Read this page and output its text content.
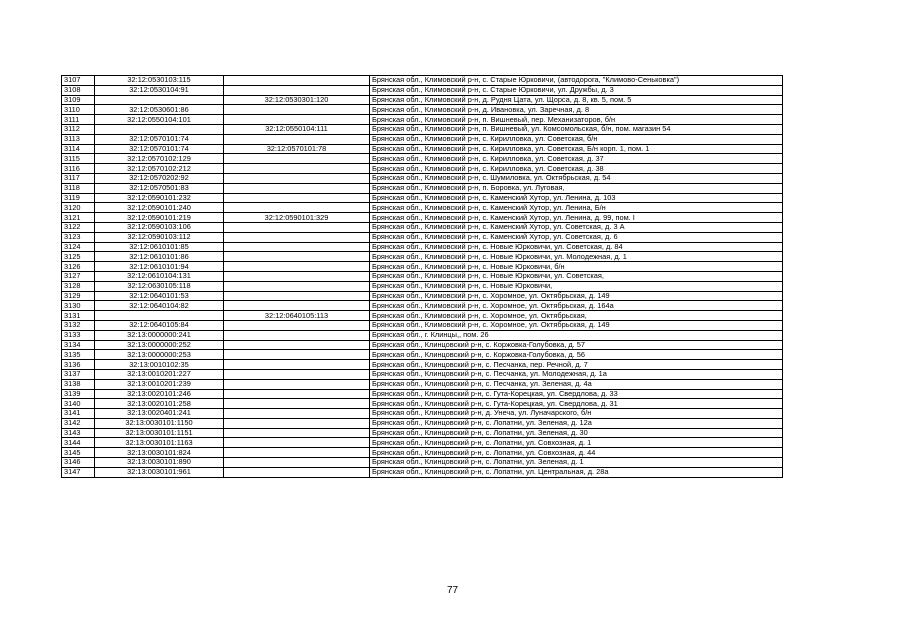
3107	32:12:0530103:115		Брянская обл., Климовский р-н, с. Старые Юрковичи, (автодорога, "Климово-Сеньковка")
3108	32:12:0530104:91		Брянская обл., Климовский р-н, с. Старые Юрковичи, ул. Дружбы, д. 3
3109		32:12:0530301:120	Брянская обл., Климовский р-н, д. Рудня Цата, ул. Щорса, д. 8, кв. 5, пом. 5
3110	32:12:0530601:86		Брянская обл., Климовский р-н, д. Ивановка, ул. Заречная, д. 8
3111	32:12:0550104:101		Брянская обл., Климовский р-н, п. Вишневый, пер. Механизаторов, б/н
3112		32:12:0550104:111	Брянская обл., Климовский р-н, п. Вишневый, ул. Комсомольская, б/н, пом. магазин 54
3113	32:12:0570101:74		Брянская обл., Климовский р-н, с. Кирилловка, ул. Советская, б/н
3114	32:12:0570101:74	32:12:0570101:78	Брянская обл., Климовский р-н, с. Кирилловка, ул. Советская, Б/н корп. 1, пом. 1
3115	32:12:0570102:129		Брянская обл., Климовский р-н, с. Кирилловка, ул. Советская, д. 37
3116	32:12:0570102:212		Брянская обл., Климовский р-н, с. Кирилловка, ул. Советская, д. 38
3117	32:12:0570202:92		Брянская обл., Климовский р-н, с. Шумиловка, ул. Октябрьская, д. 54
3118	32:12:0570501:83		Брянская обл., Климовский р-н, п. Боровка, ул. Луговая,
3119	32:12:0590101:232		Брянская обл., Климовский р-н, с. Каменский Хутор, ул. Ленина, д. 103
3120	32:12:0590101:240		Брянская обл., Климовский р-н, с. Каменский Хутор, ул. Ленина, Б/н
3121	32:12:0590101:219	32:12:0590101:329	Брянская обл., Климовский р-н, с. Каменский Хутор, ул. Ленина, д. 99, пом. I
3122	32:12:0590103:106		Брянская обл., Климовский р-н, с. Каменский Хутор, ул. Советская, д. 3 А
3123	32:12:0590103:112		Брянская обл., Климовский р-н, с. Каменский Хутор, ул. Советская, д. 6
3124	32:12:0610101:85		Брянская обл., Климовский р-н, с. Новые Юрковичи, ул. Советская, д. 84
3125	32:12:0610101:86		Брянская обл., Климовский р-н, с. Новые Юрковичи, ул. Молодежная, д. 1
3126	32:12:0610101:94		Брянская обл., Климовский р-н, с. Новые Юрковичи, б/н
3127	32:12:0610104:131		Брянская обл., Климовский р-н, с. Новые Юрковичи, ул. Советская,
3128	32:12:0630105:118		Брянская обл., Климовский р-н, с. Новые Юрковичи,
3129	32:12:0640101:53		Брянская обл., Климовский р-н, с. Хоромное, ул. Октябрьская, д. 149
3130	32:12:0640104:82		Брянская обл., Климовский р-н, с. Хоромное, ул. Октябрьская, д. 164а
3131		32:12:0640105:113	Брянская обл., Климовский р-н, с. Хоромное, ул. Октябрьская,
3132	32:12:0640105:84		Брянская обл., Климовский р-н, с. Хоромное, ул. Октябрьская, д. 149
3133	32:13:0000000:241		Брянская обл., г. Клинцы,, пом. 26
3134	32:13:0000000:252		Брянская обл., Клинцовский р-н, с. Коржовка-Голубовка, д. 57
3135	32:13:0000000:253		Брянская обл., Клинцовский р-н, с. Коржовка-Голубовка, д. 56
3136	32:13:0010102:35		Брянская обл., Клинцовский р-н, с. Песчанка, пер. Речной, д. 7
3137	32:13:0010201:227		Брянская обл., Клинцовский р-н, с. Песчанка, ул. Молодежная, д. 1а
3138	32:13:0010201:239		Брянская обл., Клинцовский р-н, с. Песчанка, ул. Зеленая, д. 4а
3139	32:13:0020101:246		Брянская обл., Клинцовский р-н, с. Гута-Корецкая, ул. Свердлова, д. 33
3140	32:13:0020101:258		Брянская обл., Клинцовский р-н, с. Гута-Корецкая, ул. Свердлова, д. 31
3141	32:13:0020401:241		Брянская обл., Клинцовский р-н, д. Унеча, ул. Луначарского, б/н
3142	32:13:0030101:1150		Брянская обл., Клинцовский р-н, с. Лопатни, ул. Зеленая, д. 12а
3143	32:13:0030101:1151		Брянская обл., Клинцовский р-н, с. Лопатни, ул. Зеленая, д. 30
3144	32:13:0030101:1163		Брянская обл., Клинцовский р-н, с. Лопатни, ул. Совхозная, д. 1
3145	32:13:0030101:824		Брянская обл., Клинцовский р-н, с. Лопатни, ул. Совхозная, д. 44
3146	32:13:0030101:890		Брянская обл., Клинцовский р-н, с. Лопатни, ул. Зеленая, д. 1
3147	32:13:0030101:961		Брянская обл., Клинцовский р-н, с. Лопатни, ул. Центральная, д. 28а
77
